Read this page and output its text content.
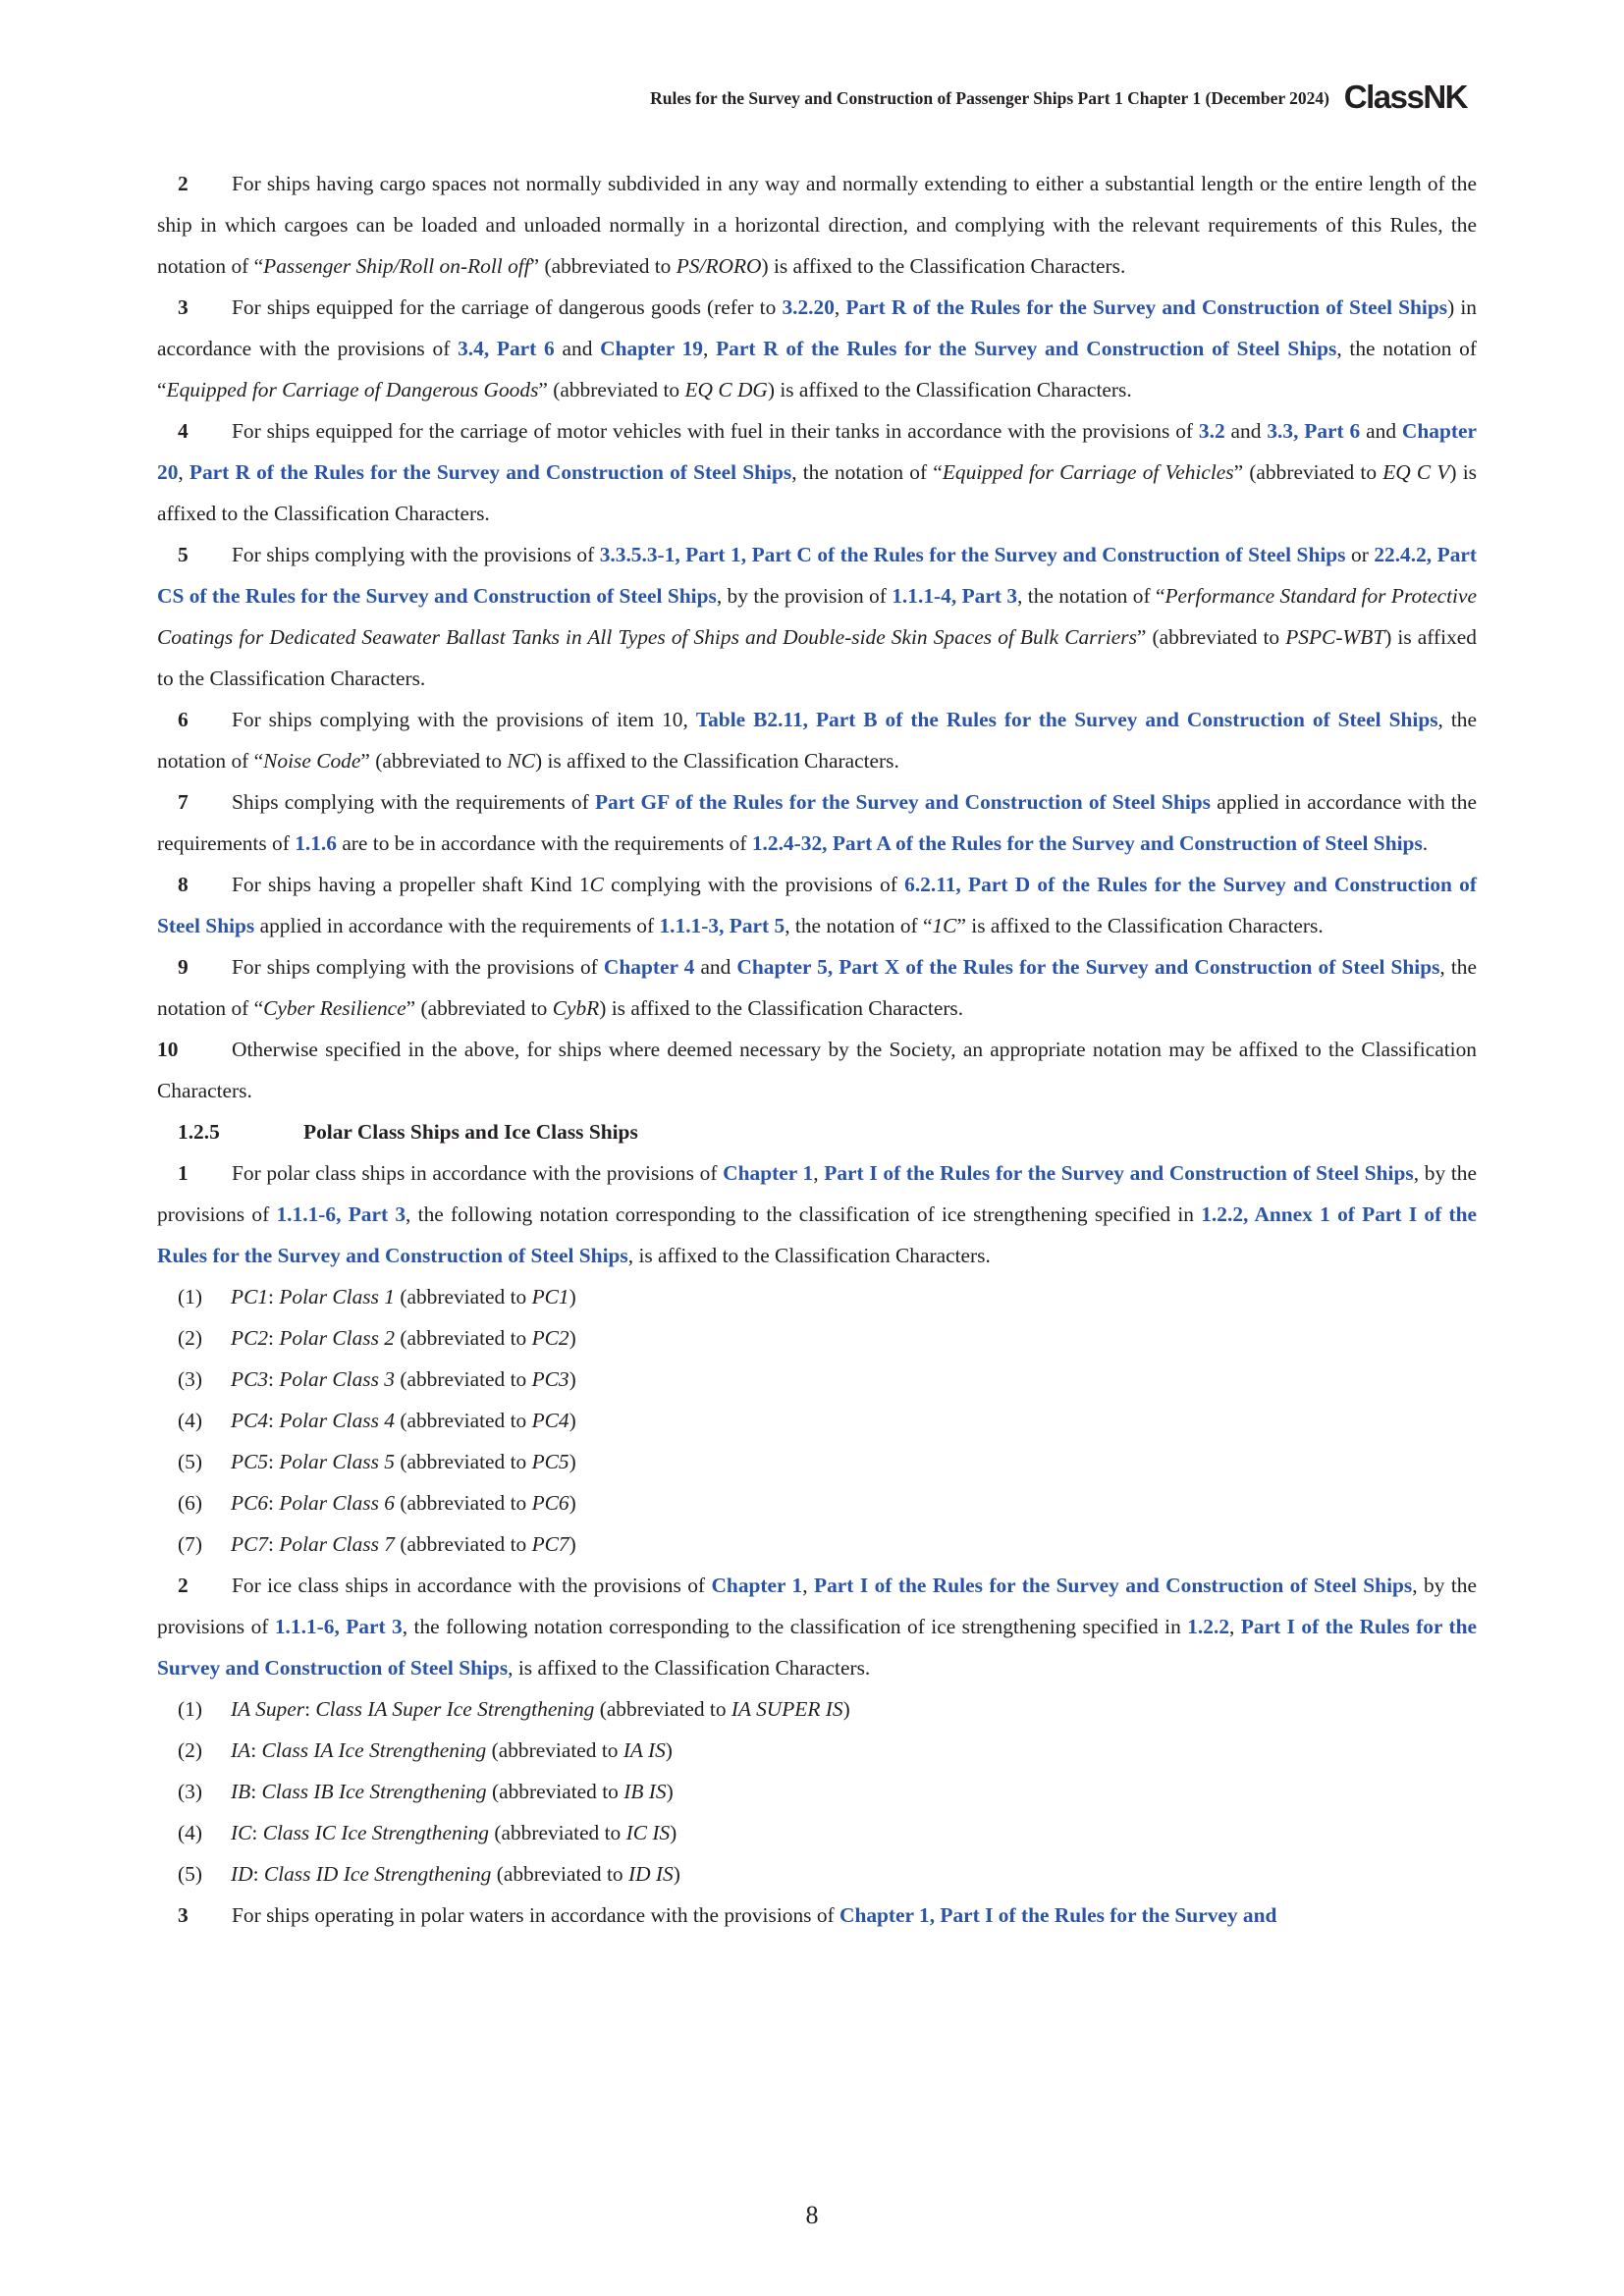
Rules for the Survey and Construction of Passenger Ships Part 1 Chapter 1 (December 2024) ClassNK
2 For ships having cargo spaces not normally subdivided in any way and normally extending to either a substantial length or the entire length of the ship in which cargoes can be loaded and unloaded normally in a horizontal direction, and complying with the relevant requirements of this Rules, the notation of “Passenger Ship/Roll on-Roll off” (abbreviated to PS/RORO) is affixed to the Classification Characters.
3 For ships equipped for the carriage of dangerous goods (refer to 3.2.20, Part R of the Rules for the Survey and Construction of Steel Ships) in accordance with the provisions of 3.4, Part 6 and Chapter 19, Part R of the Rules for the Survey and Construction of Steel Ships, the notation of “Equipped for Carriage of Dangerous Goods” (abbreviated to EQ C DG) is affixed to the Classification Characters.
4 For ships equipped for the carriage of motor vehicles with fuel in their tanks in accordance with the provisions of 3.2 and 3.3, Part 6 and Chapter 20, Part R of the Rules for the Survey and Construction of Steel Ships, the notation of “Equipped for Carriage of Vehicles” (abbreviated to EQ C V) is affixed to the Classification Characters.
5 For ships complying with the provisions of 3.3.5.3-1, Part 1, Part C of the Rules for the Survey and Construction of Steel Ships or 22.4.2, Part CS of the Rules for the Survey and Construction of Steel Ships, by the provision of 1.1.1-4, Part 3, the notation of “Performance Standard for Protective Coatings for Dedicated Seawater Ballast Tanks in All Types of Ships and Double-side Skin Spaces of Bulk Carriers” (abbreviated to PSPC-WBT) is affixed to the Classification Characters.
6 For ships complying with the provisions of item 10, Table B2.11, Part B of the Rules for the Survey and Construction of Steel Ships, the notation of “Noise Code” (abbreviated to NC) is affixed to the Classification Characters.
7 Ships complying with the requirements of Part GF of the Rules for the Survey and Construction of Steel Ships applied in accordance with the requirements of 1.1.6 are to be in accordance with the requirements of 1.2.4-32, Part A of the Rules for the Survey and Construction of Steel Ships.
8 For ships having a propeller shaft Kind 1C complying with the provisions of 6.2.11, Part D of the Rules for the Survey and Construction of Steel Ships applied in accordance with the requirements of 1.1.1-3, Part 5, the notation of “1C” is affixed to the Classification Characters.
9 For ships complying with the provisions of Chapter 4 and Chapter 5, Part X of the Rules for the Survey and Construction of Steel Ships, the notation of “Cyber Resilience” (abbreviated to CybR) is affixed to the Classification Characters.
10	Otherwise specified in the above, for ships where deemed necessary by the Society, an appropriate notation may be affixed to the Classification Characters.
1.2.5	Polar Class Ships and Ice Class Ships
1 For polar class ships in accordance with the provisions of Chapter 1, Part I of the Rules for the Survey and Construction of Steel Ships, by the provisions of 1.1.1-6, Part 3, the following notation corresponding to the classification of ice strengthening specified in 1.2.2, Annex 1 of Part I of the Rules for the Survey and Construction of Steel Ships, is affixed to the Classification Characters.
(1) PC1: Polar Class 1 (abbreviated to PC1)
(2) PC2: Polar Class 2 (abbreviated to PC2)
(3) PC3: Polar Class 3 (abbreviated to PC3)
(4) PC4: Polar Class 4 (abbreviated to PC4)
(5) PC5: Polar Class 5 (abbreviated to PC5)
(6) PC6: Polar Class 6 (abbreviated to PC6)
(7) PC7: Polar Class 7 (abbreviated to PC7)
2 For ice class ships in accordance with the provisions of Chapter 1, Part I of the Rules for the Survey and Construction of Steel Ships, by the provisions of 1.1.1-6, Part 3, the following notation corresponding to the classification of ice strengthening specified in 1.2.2, Part I of the Rules for the Survey and Construction of Steel Ships, is affixed to the Classification Characters.
(1) IA Super: Class IA Super Ice Strengthening (abbreviated to IA SUPER IS)
(2) IA: Class IA Ice Strengthening (abbreviated to IA IS)
(3) IB: Class IB Ice Strengthening (abbreviated to IB IS)
(4) IC: Class IC Ice Strengthening (abbreviated to IC IS)
(5) ID: Class ID Ice Strengthening (abbreviated to ID IS)
3 For ships operating in polar waters in accordance with the provisions of Chapter 1, Part I of the Rules for the Survey and
8
